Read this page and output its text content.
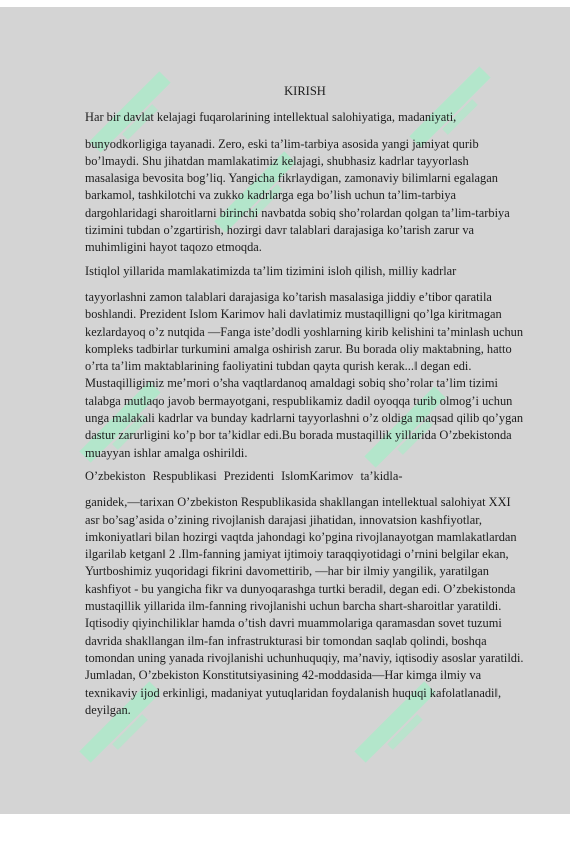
KIRISH
Har bir davlat kelajagi fuqarolarining intellektual salohiyatiga, madaniyati,
bunyodkorligiga tayanadi. Zero, eski ta’lim-tarbiya asosida yangi jamiyat qurib bo’lmaydi. Shu jihatdan mamlakatimiz kelajagi, shubhasiz kadrlar tayyorlash masalasiga bevosita bog’liq. Yangicha fikrlaydigan, zamonaviy bilimlarni egalagan barkamol, tashkilotchi va zukko kadrlarga ega bo’lish uchun ta’lim-tarbiya dargohlaridagi sharoitlarni birinchi navbatda sobiq sho’rolardan qolgan ta’lim-tarbiya tizimini tubdan o’zgartirish, hozirgi davr talablari darajasiga ko’tarish zarur va muhimligini hayot taqozo etmoqda.
Istiqlol yillarida mamlakatimizda ta’lim tizimini isloh qilish, milliy kadrlar
tayyorlashni zamon talablari darajasiga ko’tarish masalasiga jiddiy e’tibor qaratila boshlandi. Prezident Islom Karimov hali davlatimiz mustaqilligni qo’lga kiritmagan kezlardayoq o’z nutqida —Fanga iste’dodli yoshlarning kirib kelishini ta’minlash uchun kompleks tadbirlar turkumini amalga oshirish zarur. Bu borada oliy maktabning, hatto o’rta ta’lim maktablarining faoliyatini tubdan qayta qurish kerak...‖ degan edi. Mustaqilligimiz me’mori o’sha vaqtlardanoq amaldagi sobiq sho’rolar ta’lim tizimi talabga mutlaqo javob bermayotgani, respublikamiz dadil oyoqqa turib olmog’i uchun unga malakali kadrlar va bunday kadrlarni tayyorlashni o’z oldiga maqsad qilib qo’ygan dastur zarurligini ko’p bor ta’kidlar edi.Bu borada mustaqillik yillarida O’zbekistonda muayyan ishlar amalga oshirildi.
O’zbekiston Respublikasi Prezidenti IslomKarimov ta’kidla-
ganidek,—tarixan O’zbekiston Respublikasida shakllangan intellektual salohiyat XXI asr bo’sag’asida o’zining rivojlanish darajasi jihatidan, innovatsion kashfiyotlar, imkoniyatlari bilan hozirgi vaqtda jahondagi ko’pgina rivojlanayotgan mamlakatlardan ilgarilab ketgan‖ 2 .Ilm-fanning jamiyat ijtimoiy taraqqiyotidagi o’rnini belgilar ekan, Yurtboshimiz yuqoridagi fikrini davomettirib, —har bir ilmiy yangilik, yaratilgan kashfiyot - bu yangicha fikr va dunyoqarashga turtki beradi‖, degan edi. O’zbekistonda mustaqillik yillarida ilm-fanning rivojlanishi uchun barcha shart-sharoitlar yaratildi. Iqtisodiy qiyinchiliklar hamda o’tish davri muammolariga qaramasdan sovet tuzumi davrida shakllangan ilm-fan infrastrukturasi bir tomondan saqlab qolindi, boshqa tomondan uning yanada rivojlanishi uchunhuquqiy, ma’naviy, iqtisodiy asoslar yaratildi. Jumladan, O’zbekiston Konstitutsiyasining 42-moddasida—Har kimga ilmiy va texnikaviy ijod erkinligi, madaniyat yutuqlaridan foydalanish huquqi kafolatlanadi‖, deyilgan.
